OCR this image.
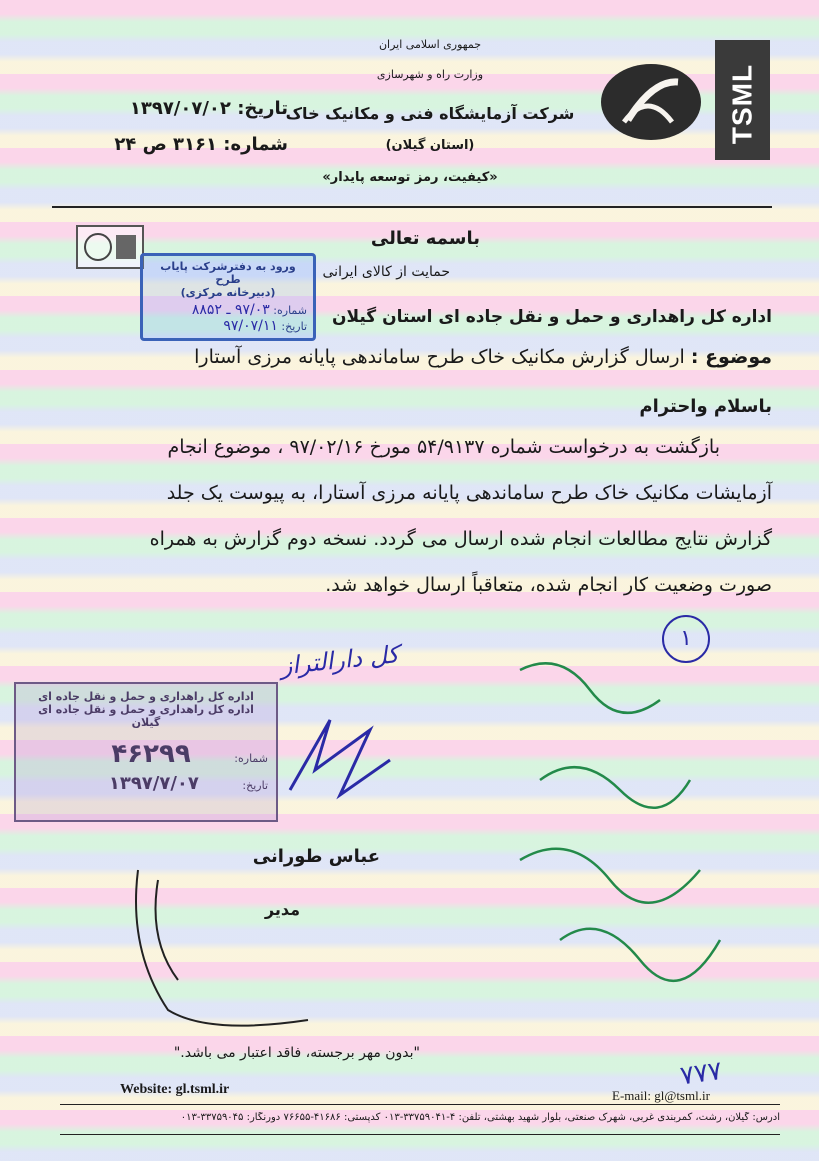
TSML
جمهوری اسلامی ایران
وزارت راه و شهرسازی
شرکت آزمایشگاه فنی و مکانیک خاک
(استان گیلان)
«کیفیت، رمز توسعه پایدار»
تاریخ: ۱۳۹۷/۰۷/۰۲
شماره: ۳۱۶۱ ص ۲۴
باسمه تعالی
حمایت از کالای ایرانی
ورود به دفترشرکت پایاب طرح
(دبیرخانه مرکزی)
شماره: ۹۷/۰۳ ـ ۸۸۵۲
تاریخ: ۹۷/۰۷/۱۱	اداره کل راهداری و حمل و نقل جاده ای استان گیلان
موضوع : ارسال گزارش مکانیک خاک طرح ساماندهی پایانه مرزی آستارا
باسلام واحترام
بازگشت به درخواست شماره ۵۴/۹۱۳۷ مورخ ۹۷/۰۲/۱۶ ، موضوع انجام
آزمایشات مکانیک خاک طرح ساماندهی پایانه مرزی آستارا، به پیوست یک جلد
گزارش نتایج مطالعات انجام شده ارسال می گردد. نسخه دوم گزارش به همراه
صورت وضعیت کار انجام شده، متعاقباً ارسال خواهد شد.
کل دارالتراز
۱
۷۷۷
اداره کل راهداری و حمل و نقل جاده ای
اداره کل راهداری و حمل و نقل جاده ای گیلان
شماره: ۴۶۲۹۹
تاریخ: ۱۳۹۷/۷/۰۷
عباس طورانی
مدیر
"بدون مهر برجسته، فاقد اعتبار می باشد."
Website: gl.tsml.ir	E-mail: gl@tsml.ir
آدرس: گیلان، رشت، کمربندی غربی، شهرک صنعتی، بلوار شهید بهشتی، تلفن: ۴-۳۳۷۵۹۰۴۱-۰۱۳ کدپستی: ۴۱۶۸۶-۷۶۶۵۵ دورنگار: ۳۳۷۵۹۰۴۵-۰۱۳
